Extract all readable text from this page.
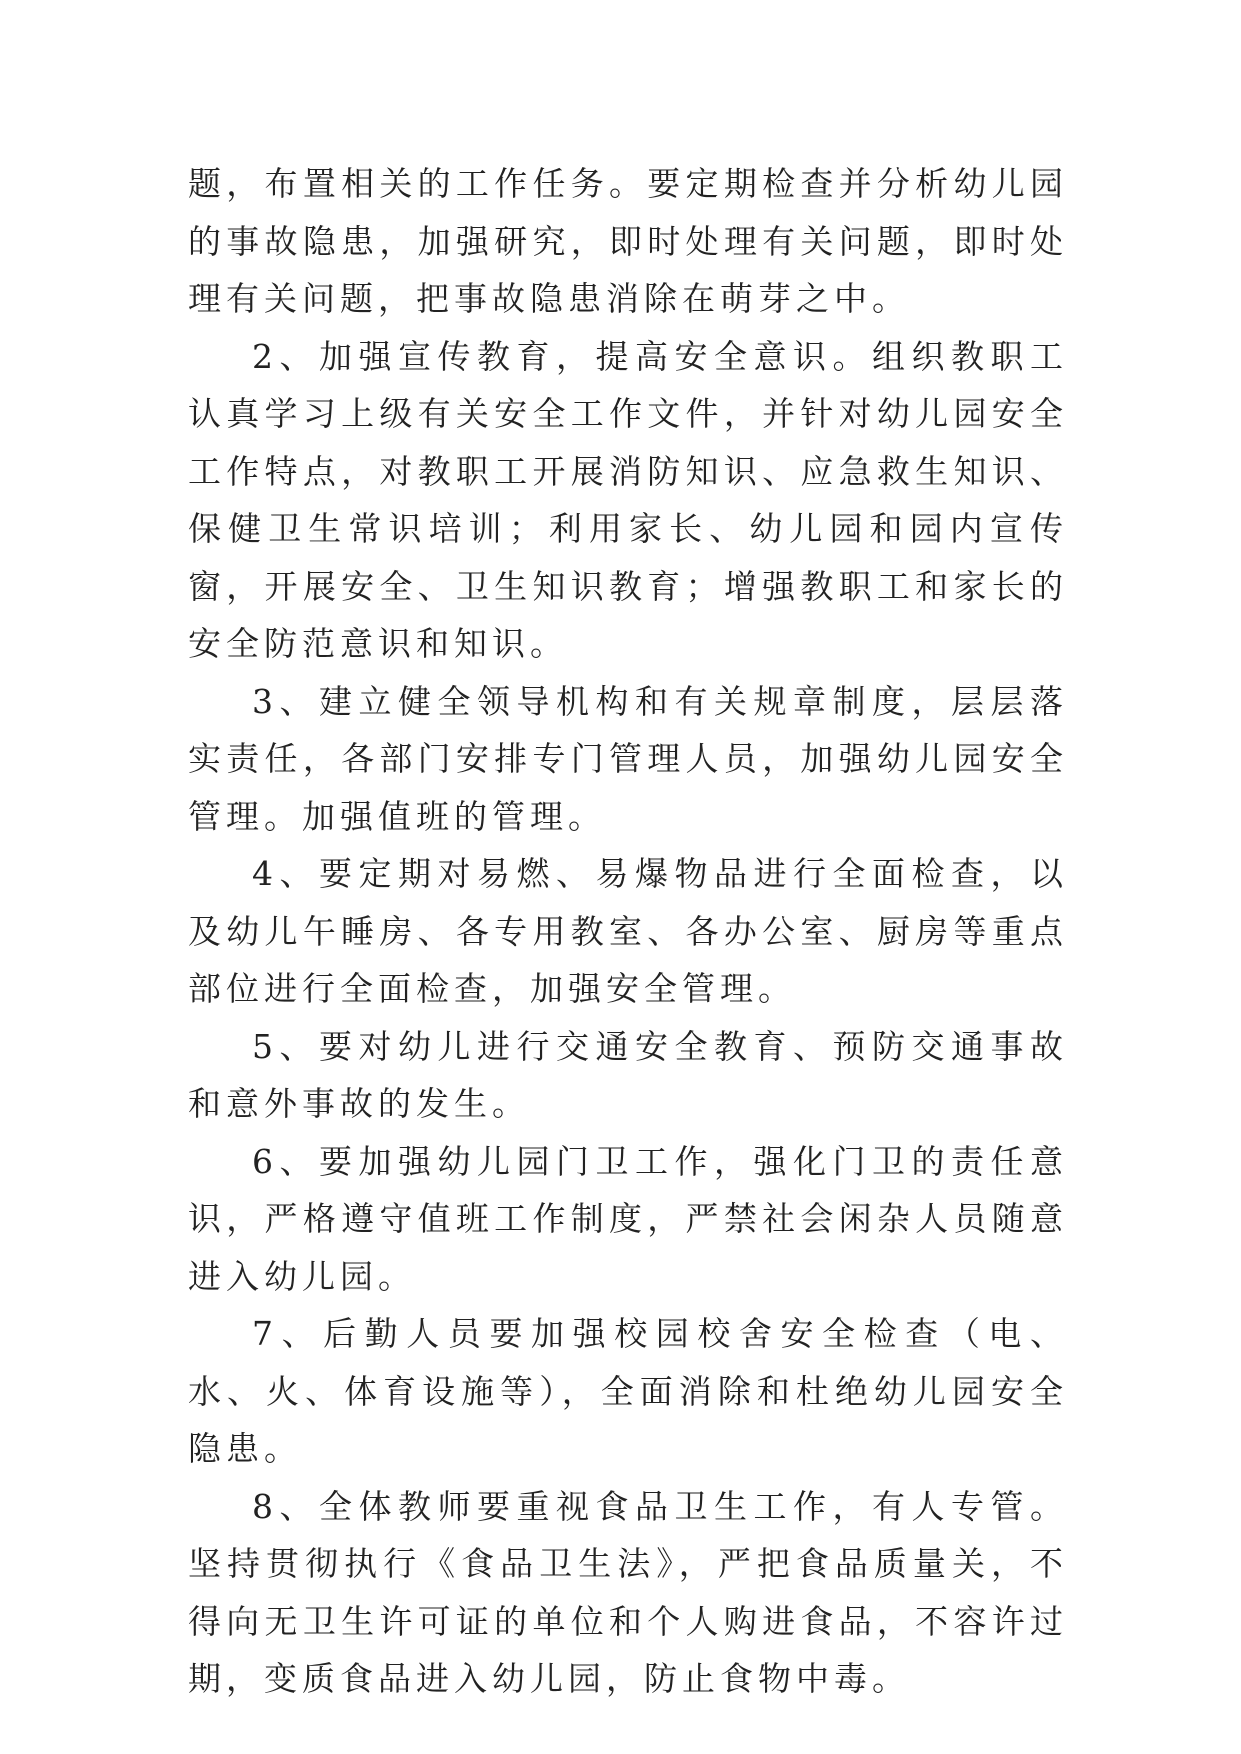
题，布置相关的工作任务。要定期检查并分析幼儿园的事故隐患，加强研究，即时处理有关问题，即时处理有关问题，把事故隐患消除在萌芽之中。

2、加强宣传教育，提高安全意识。组织教职工认真学习上级有关安全工作文件，并针对幼儿园安全工作特点，对教职工开展消防知识、应急救生知识、保健卫生常识培训；利用家长、幼儿园和园内宣传窗，开展安全、卫生知识教育；增强教职工和家长的安全防范意识和知识。

3、建立健全领导机构和有关规章制度，层层落实责任，各部门安排专门管理人员，加强幼儿园安全管理。加强值班的管理。

4、要定期对易燃、易爆物品进行全面检查，以及幼儿午睡房、各专用教室、各办公室、厨房等重点部位进行全面检查，加强安全管理。

5、要对幼儿进行交通安全教育、预防交通事故和意外事故的发生。

6、要加强幼儿园门卫工作，强化门卫的责任意识，严格遵守值班工作制度，严禁社会闲杂人员随意进入幼儿园。

7、后勤人员要加强校园校舍安全检查（电、水、火、体育设施等），全面消除和杜绝幼儿园安全隐患。

8、全体教师要重视食品卫生工作，有人专管。坚持贯彻执行《食品卫生法》，严把食品质量关，不得向无卫生许可证的单位和个人购进食品，不容许过期，变质食品进入幼儿园，防止食物中毒。
